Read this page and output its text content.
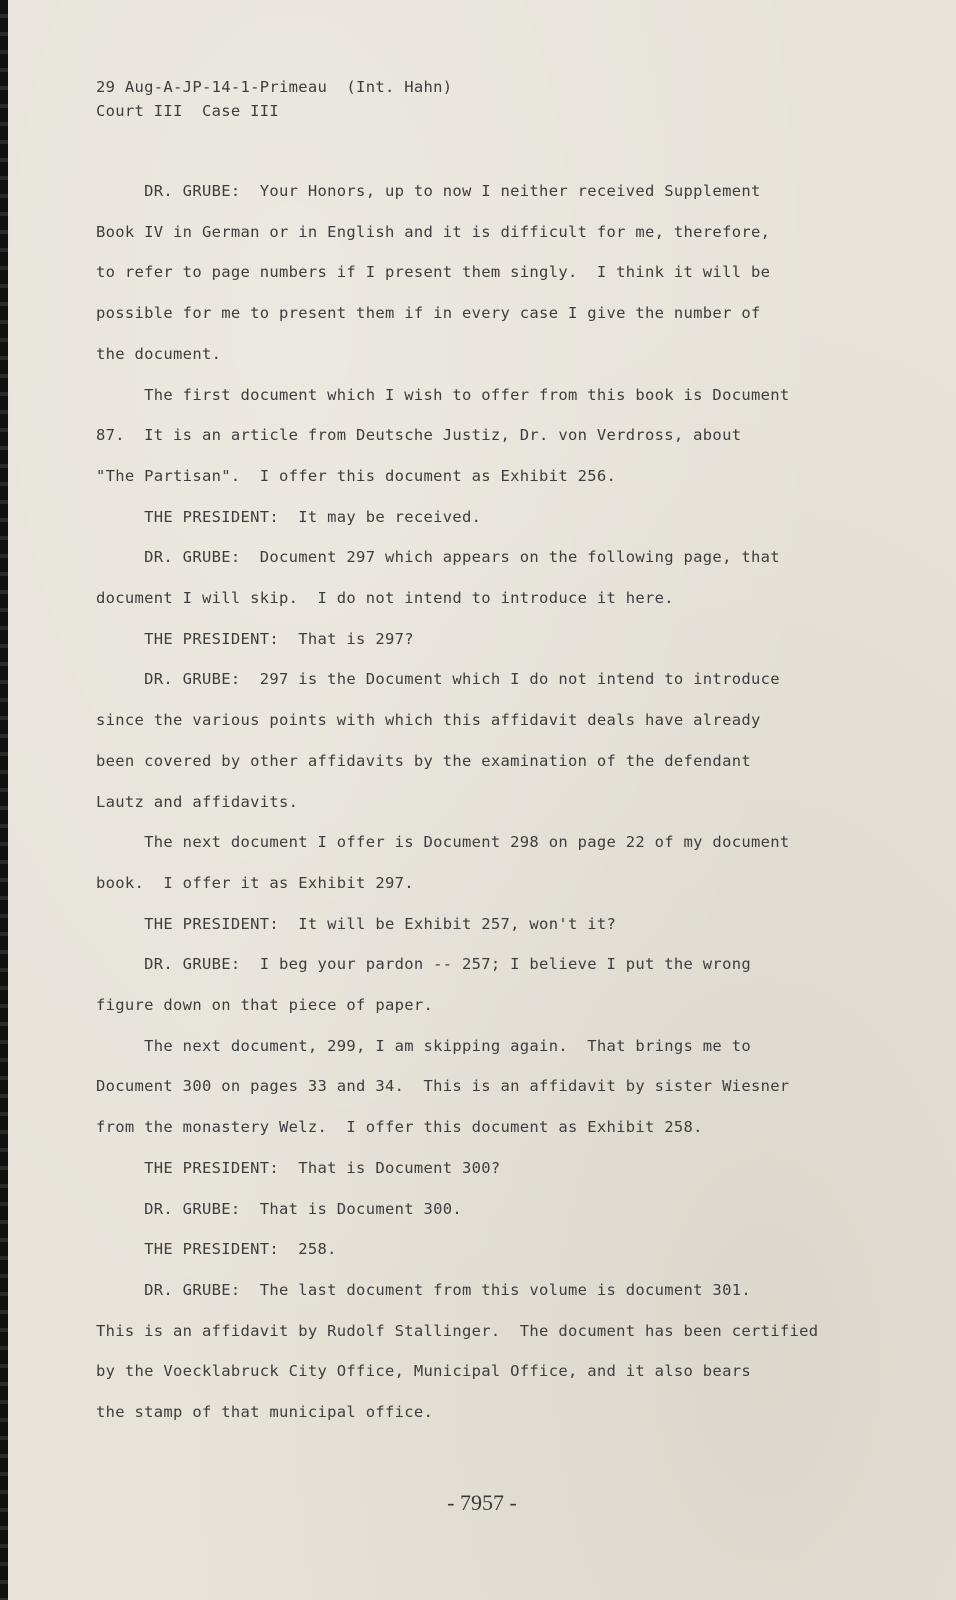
29 Aug-A-JP-14-1-Primeau  (Int. Hahn)

Court III  Case III

DR. GRUBE:  Your Honors, up to now I neither received Supplement

Book IV in German or in English and it is difficult for me, therefore,

to refer to page numbers if I present them singly.  I think it will be

possible for me to present them if in every case I give the number of

the document.

The first document which I wish to offer from this book is Document

87.  It is an article from Deutsche Justiz, Dr. von Verdross, about

"The Partisan".  I offer this document as Exhibit 256.

THE PRESIDENT:  It may be received.

DR. GRUBE:  Document 297 which appears on the following page, that

document I will skip.  I do not intend to introduce it here.

THE PRESIDENT:  That is 297?

DR. GRUBE:  297 is the Document which I do not intend to introduce

since the various points with which this affidavit deals have already

been covered by other affidavits by the examination of the defendant

Lautz and affidavits.

The next document I offer is Document 298 on page 22 of my document

book.  I offer it as Exhibit 297.

THE PRESIDENT:  It will be Exhibit 257, won't it?

DR. GRUBE:  I beg your pardon -- 257; I believe I put the wrong

figure down on that piece of paper.

The next document, 299, I am skipping again.  That brings me to

Document 300 on pages 33 and 34.  This is an affidavit by sister Wiesner

from the monastery Welz.  I offer this document as Exhibit 258.

THE PRESIDENT:  That is Document 300?

DR. GRUBE:  That is Document 300.

THE PRESIDENT:  258.

DR. GRUBE:  The last document from this volume is document 301.

This is an affidavit by Rudolf Stallinger.  The document has been certified

by the Voecklabruck City Office, Municipal Office, and it also bears

the stamp of that municipal office.

- 7957 -
